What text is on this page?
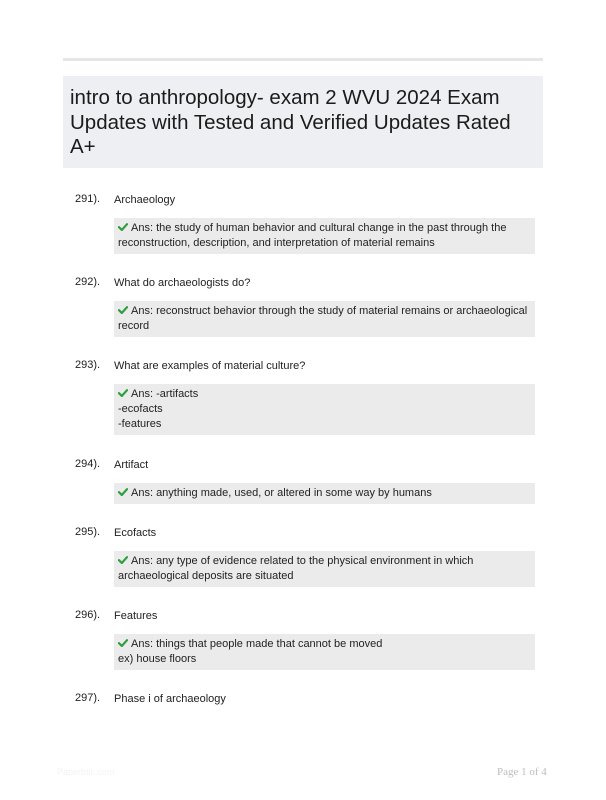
intro to anthropology- exam 2 WVU 2024 Exam
Updates with Tested and Verified Updates Rated
A+
291). Archaeology
Ans: the study of human behavior and cultural change in the past through the
reconstruction, description, and interpretation of material remains
292). What do archaeologists do?
Ans: reconstruct behavior through the study of material remains or archaeological
record
293). What are examples of material culture?
Ans: -artifacts
-ecofacts
-features
294). Artifact
Ans: anything made, used, or altered in some way by humans
295). Ecofacts
Ans: any type of evidence related to the physical environment in which
archaeological deposits are situated
296). Features
Ans: things that people made that cannot be moved
ex) house floors
297). Phase i of archaeology
Paperbtic.com	Page 1 of 4
